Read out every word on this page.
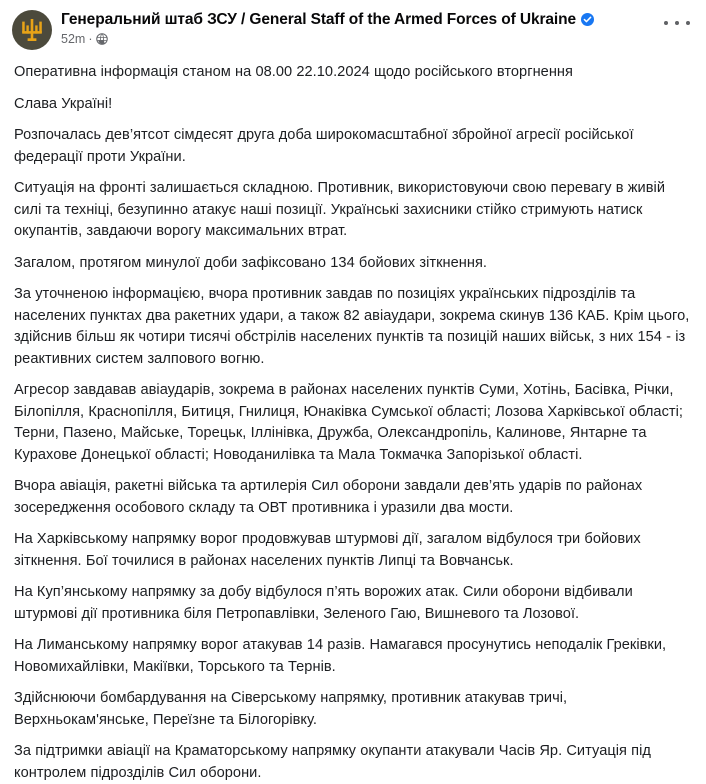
Генеральний штаб ЗСУ / General Staff of the Armed Forces of Ukraine
52m ·

Оперативна інформація станом на 08.00 22.10.2024 щодо російського вторгнення

Слава Україні!

Розпочалась дев’ятсот сімдесят друга доба широкомасштабної збройної агресії російської федерації проти України.

Ситуація на фронті залишається складною. Противник, використовуючи свою перевагу в живій силі та техніці, безупинно атакує наші позиції. Українські захисники стійко стримують натиск окупантів, завдаючи ворогу максимальних втрат.

Загалом, протягом минулої доби зафіксовано 134 бойових зіткнення.

За уточненою інформацією, вчора противник завдав по позиціях українських підрозділів та населених пунктах два ракетних удари, а також 82 авіаудари, зокрема скинув 136 КАБ. Крім цього, здійснив більш як чотири тисячі обстрілів населених пунктів та позицій наших військ, з них 154 - із реактивних систем залпового вогню.

Агресор завдавав авіаударів, зокрема в районах населених пунктів Суми, Хотінь, Басівка, Річки, Білопілля, Краснопілля, Битиця, Гнилиця, Юнаківка Сумської області; Лозова Харківської області; Терни, Пазено, Майське, Торецьк, Іллінівка, Дружба, Олександропіль, Калинове, Янтарне та Курахове Донецької області; Новоданилівка та Мала Токмачка Запорізької області.

Вчора авіація, ракетні війська та артилерія Сил оборони завдали дев’ять ударів по районах зосередження особового складу та ОВТ противника і уразили два мости.

На Харківському напрямку ворог продовжував штурмові дії, загалом відбулося три бойових зіткнення. Бої точилися в районах населених пунктів Липці та Вовчанськ.

На Куп’янському напрямку за добу відбулося п’ять ворожих атак. Сили оборони відбивали штурмові дії противника біля Петропавлівки, Зеленого Гаю, Вишневого та Лозової.

На Лиманському напрямку ворог атакував 14 разів. Намагався просунутись неподалік Греківки, Новомихайлівки, Макіївки, Торського та Тернів.

Здійснюючи бомбардування на Сіверському напрямку, противник атакував тричі, Верхньокам'янське, Переїзне та Білогорівку.

За підтримки авіації на Краматорському напрямку окупанти атакували Часів Яр. Ситуація під контролем підрозділів Сил оборони.
